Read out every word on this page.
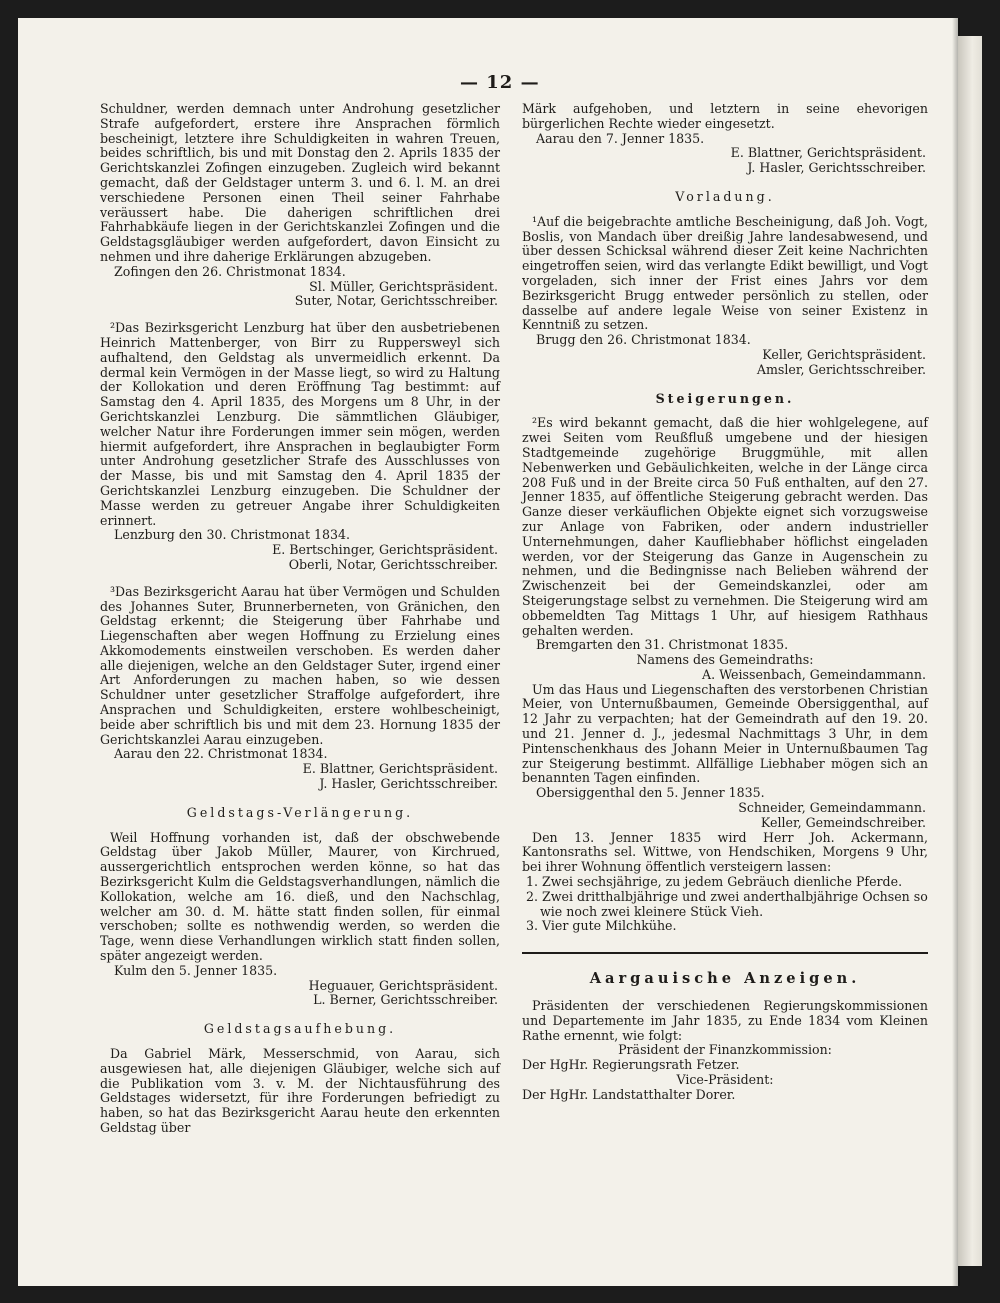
— 12 —

Schuldner, werden demnach unter Androhung gesetzlicher Strafe aufgefordert, erstere ihre Ansprachen förmlich bescheinigt, letztere ihre Schuldigkeiten in wahren Treuen, beides schriftlich, bis und mit Donstag den 2. Aprils 1835 der Gerichtskanzlei Zofingen einzugeben. Zugleich wird bekannt gemacht, daß der Geldstager unterm 3. und 6. l. M. an drei verschiedene Personen einen Theil seiner Fahrhabe veräussert habe. Die daherigen schriftlichen drei Fahrhabkäufe liegen in der Gerichtskanzlei Zofingen und die Geldstagsgläubiger werden aufgefordert, davon Einsicht zu nehmen und ihre daherige Erklärungen abzugeben.

Zofingen den 26. Christmonat 1834.

Sl. Müller, Gerichtspräsident.

Suter, Notar, Gerichtsschreiber.

²Das Bezirksgericht Lenzburg hat über den ausbetriebenen Heinrich Mattenberger, von Birr zu Ruppersweyl sich aufhaltend, den Geldstag als unvermeidlich erkennt. Da dermal kein Vermögen in der Masse liegt, so wird zu Haltung der Kollokation und deren Eröffnung Tag bestimmt: auf Samstag den 4. April 1835, des Morgens um 8 Uhr, in der Gerichtskanzlei Lenzburg. Die sämmtlichen Gläubiger, welcher Natur ihre Forderungen immer sein mögen, werden hiermit aufgefordert, ihre Ansprachen in beglaubigter Form unter Androhung gesetzlicher Strafe des Ausschlusses von der Masse, bis und mit Samstag den 4. April 1835 der Gerichtskanzlei Lenzburg einzugeben. Die Schuldner der Masse werden zu getreuer Angabe ihrer Schuldigkeiten erinnert.

Lenzburg den 30. Christmonat 1834.

E. Bertschinger, Gerichtspräsident.

Oberli, Notar, Gerichtsschreiber.

³Das Bezirksgericht Aarau hat über Vermögen und Schulden des Johannes Suter, Brunnerberneten, von Gränichen, den Geldstag erkennt; die Steigerung über Fahrhabe und Liegenschaften aber wegen Hoffnung zu Erzielung eines Akkomodements einstweilen verschoben. Es werden daher alle diejenigen, welche an den Geldstager Suter, irgend einer Art Anforderungen zu machen haben, so wie dessen Schuldner unter gesetzlicher Straffolge aufgefordert, ihre Ansprachen und Schuldigkeiten, erstere wohlbescheinigt, beide aber schriftlich bis und mit dem 23. Hornung 1835 der Gerichtskanzlei Aarau einzugeben.

Aarau den 22. Christmonat 1834.

E. Blattner, Gerichtspräsident.

J. Hasler, Gerichtsschreiber.

Geldstags-Verlängerung.

Weil Hoffnung vorhanden ist, daß der obschwebende Geldstag über Jakob Müller, Maurer, von Kirchrued, aussergerichtlich entsprochen werden könne, so hat das Bezirksgericht Kulm die Geldstagsverhandlungen, nämlich die Kollokation, welche am 16. dieß, und den Nachschlag, welcher am 30. d. M. hätte statt finden sollen, für einmal verschoben; sollte es nothwendig werden, so werden die Tage, wenn diese Verhandlungen wirklich statt finden sollen, später angezeigt werden.

Kulm den 5. Jenner 1835.

Heguauer, Gerichtspräsident.

L. Berner, Gerichtsschreiber.

Geldstagsaufhebung.

Da Gabriel Märk, Messerschmid, von Aarau, sich ausgewiesen hat, alle diejenigen Gläubiger, welche sich auf die Publikation vom 3. v. M. der Nichtausführung des Geldstages widersetzt, für ihre Forderungen befriedigt zu haben, so hat das Bezirksgericht Aarau heute den erkennten Geldstag über

Märk aufgehoben, und letztern in seine ehevorigen bürgerlichen Rechte wieder eingesetzt.

Aarau den 7. Jenner 1835.

E. Blattner, Gerichtspräsident.

J. Hasler, Gerichtsschreiber.

Vorladung.

¹Auf die beigebrachte amtliche Bescheinigung, daß Joh. Vogt, Boslis, von Mandach über dreißig Jahre landesabwesend, und über dessen Schicksal während dieser Zeit keine Nachrichten eingetroffen seien, wird das verlangte Edikt bewilligt, und Vogt vorgeladen, sich inner der Frist eines Jahrs vor dem Bezirksgericht Brugg entweder persönlich zu stellen, oder dasselbe auf andere legale Weise von seiner Existenz in Kenntniß zu setzen.

Brugg den 26. Christmonat 1834.

Keller, Gerichtspräsident.

Amsler, Gerichtsschreiber.

Steigerungen.

²Es wird bekannt gemacht, daß die hier wohlgelegene, auf zwei Seiten vom Reußfluß umgebene und der hiesigen Stadtgemeinde zugehörige Bruggmühle, mit allen Nebenwerken und Gebäulichkeiten, welche in der Länge circa 208 Fuß und in der Breite circa 50 Fuß enthalten, auf den 27. Jenner 1835, auf öffentliche Steigerung gebracht werden. Das Ganze dieser verkäuflichen Objekte eignet sich vorzugsweise zur Anlage von Fabriken, oder andern industrieller Unternehmungen, daher Kaufliebhaber höflichst eingeladen werden, vor der Steigerung das Ganze in Augenschein zu nehmen, und die Bedingnisse nach Belieben während der Zwischenzeit bei der Gemeindskanzlei, oder am Steigerungstage selbst zu vernehmen. Die Steigerung wird am obbemeldten Tag Mittags 1 Uhr, auf hiesigem Rathhaus gehalten werden.

Bremgarten den 31. Christmonat 1835.

Namens des Gemeindraths:

A. Weissenbach, Gemeindammann.

Um das Haus und Liegenschaften des verstorbenen Christian Meier, von Unternußbaumen, Gemeinde Obersiggenthal, auf 12 Jahr zu verpachten; hat der Gemeindrath auf den 19. 20. und 21. Jenner d. J., jedesmal Nachmittags 3 Uhr, in dem Pintenschenkhaus des Johann Meier in Unternußbaumen Tag zur Steigerung bestimmt. Allfällige Liebhaber mögen sich an benannten Tagen einfinden.

Obersiggenthal den 5. Jenner 1835.

Schneider, Gemeindammann.

Keller, Gemeindschreiber.

Den 13. Jenner 1835 wird Herr Joh. Ackermann, Kantonsraths sel. Wittwe, von Hendschiken, Morgens 9 Uhr, bei ihrer Wohnung öffentlich versteigern lassen:

1. Zwei sechsjährige, zu jedem Gebräuch dienliche Pferde.
2. Zwei dritthalbjährige und zwei anderthalbjährige Ochsen so wie noch zwei kleinere Stück Vieh.
3. Vier gute Milchkühe.
Aargauische Anzeigen.

Präsidenten der verschiedenen Regierungskommissionen und Departemente im Jahr 1835, zu Ende 1834 vom Kleinen Rathe ernennt, wie folgt:

Präsident der Finanzkommission:

Der HgHr. Regierungsrath Fetzer.

Vice-Präsident:

Der HgHr. Landstatthalter Dorer.
